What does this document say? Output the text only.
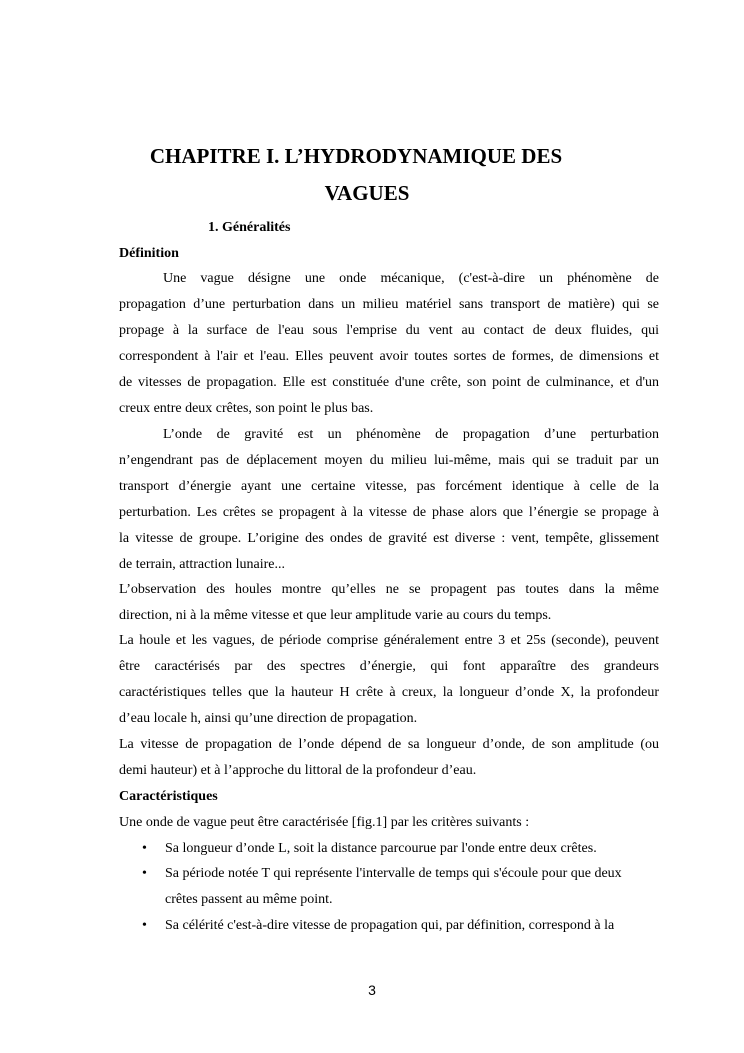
CHAPITRE I. L’HYDRODYNAMIQUE DES
VAGUES
1. Généralités
Définition
Une vague désigne une onde mécanique, (c'est-à-dire un phénomène de
propagation d’une perturbation dans un milieu matériel sans transport de matière) qui se
propage à la surface de l'eau sous l'emprise du vent au contact de deux fluides, qui
correspondent à l'air et l'eau. Elles peuvent avoir toutes sortes de formes, de dimensions et
de vitesses de propagation. Elle est constituée d'une crête, son point de culminance, et d'un
creux entre deux crêtes, son point le plus bas.
L’onde de gravité est un phénomène de propagation d’une perturbation
n’engendrant pas de déplacement moyen du milieu lui-même, mais qui se traduit par un
transport d’énergie ayant une certaine vitesse, pas forcément identique à celle de la
perturbation. Les crêtes se propagent à la vitesse de phase alors que l’énergie se propage à
la vitesse de groupe. L’origine des ondes de gravité est diverse : vent, tempête, glissement
de terrain, attraction lunaire...
L’observation des houles montre qu’elles ne se propagent pas toutes dans la même
direction, ni à la même vitesse et que leur amplitude varie au cours du temps.
La houle et les vagues, de période comprise généralement entre 3 et 25s (seconde), peuvent
être caractérisés par des spectres d’énergie, qui font apparaître des grandeurs
caractéristiques telles que la hauteur H crête à creux, la longueur d’onde X, la profondeur
d’eau locale h, ainsi qu’une direction de propagation.
La vitesse de propagation de l’onde dépend de sa longueur d’onde, de son amplitude (ou
demi hauteur) et à l’approche du littoral de la profondeur d’eau.
Caractéristiques
Une onde de vague peut être caractérisée [fig.1] par les critères suivants :
• Sa longueur d’onde L, soit la distance parcourue par l'onde entre deux crêtes.
• Sa période notée T qui représente l'intervalle de temps qui s'écoule pour que deux
crêtes passent au même point.
• Sa célérité c'est-à-dire vitesse de propagation qui, par définition, correspond à la
3
